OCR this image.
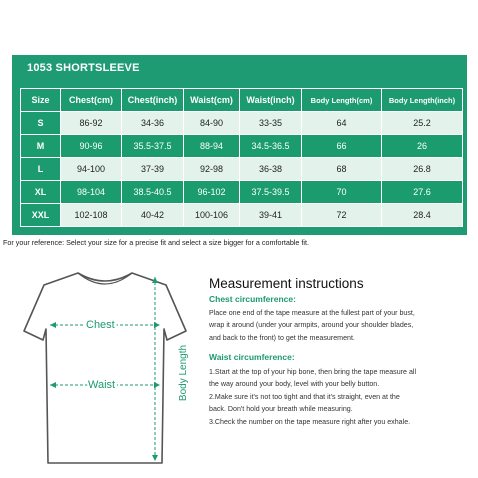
1053 SHORTSLEEVE
Size	Chest(cm)	Chest(inch)	Waist(cm)	Waist(inch)	Body Length(cm)	Body Length(inch)
S	86-92	34-36	84-90	33-35	64	25.2
M	90-96	35.5-37.5	88-94	34.5-36.5	66	26
L	94-100	37-39	92-98	36-38	68	26.8
XL	98-104	38.5-40.5	96-102	37.5-39.5	70	27.6
XXL	102-108	40-42	100-106	39-41	72	28.4
For your reference: Select your size for a precise fit and select a size bigger for a comfortable fit.
Chest
Waist	Body Length
Measurement instructions
Chest circumference:
Place one end of the tape measure at the fullest part of your bust,
wrap it around (under your armpits, around your shoulder blades,
and back to the front) to get the measurement.
Waist circumference:
1.Start at the top of your hip bone, then bring the tape measure all
the way around your body, level with your belly button.
2.Make sure it's not too tight and that it's straight, even at the
back. Don't hold your breath while measuring.
3.Check the number on the tape measure right after you exhale.
